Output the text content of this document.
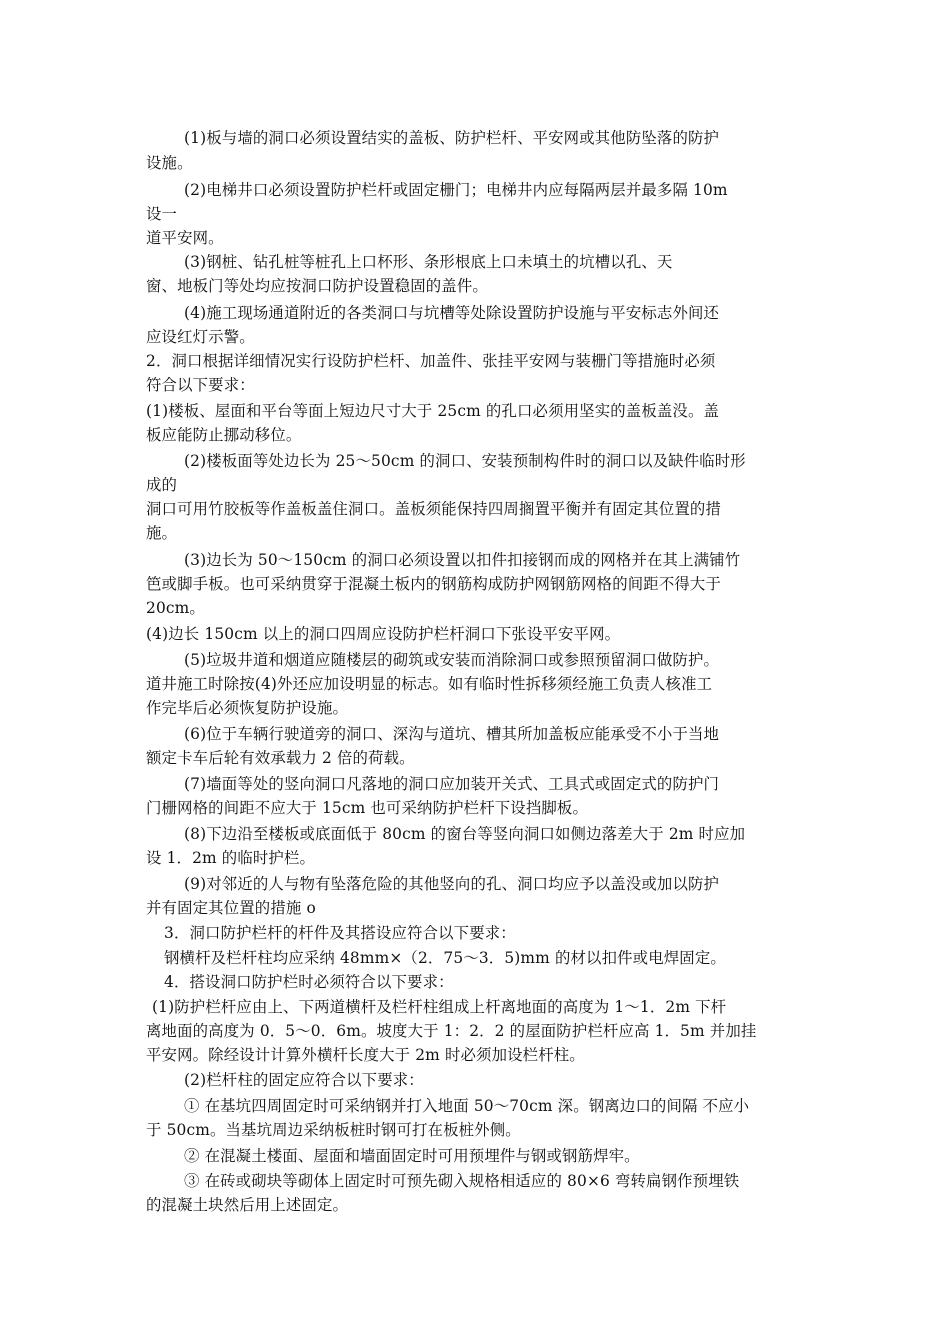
(1)板与墙的洞口必须设置结实的盖板、防护栏杆、平安网或其他防坠落的防护
设施。
(2)电梯井口必须设置防护栏杆或固定栅门；电梯井内应每隔两层并最多隔 10m
设一
道平安网。
(3)钢桩、钻孔桩等桩孔上口杯形、条形根底上口未填土的坑槽以孔、天
窗、地板门等处均应按洞口防护设置稳固的盖件。
(4)施工现场通道附近的各类洞口与坑槽等处除设置防护设施与平安标志外间还
应设红灯示警。
2．洞口根据详细情况实行设防护栏杆、加盖件、张挂平安网与装栅门等措施时必须
符合以下要求：
(1)楼板、屋面和平台等面上短边尺寸大于 25cm 的孔口必须用坚实的盖板盖没。盖
板应能防止挪动移位。
(2)楼板面等处边长为 25～50cm 的洞口、安装预制构件时的洞口以及缺件临时形
成的
洞口可用竹胶板等作盖板盖住洞口。盖板须能保持四周搁置平衡并有固定其位置的措
施。
(3)边长为 50～150cm 的洞口必须设置以扣件扣接钢而成的网格并在其上满铺竹
笆或脚手板。也可采纳贯穿于混凝土板内的钢筋构成防护网钢筋网格的间距不得大于
20cm。
(4)边长 150cm 以上的洞口四周应设防护栏杆洞口下张设平安平网。
(5)垃圾井道和烟道应随楼层的砌筑或安装而消除洞口或参照预留洞口做防护。
道井施工时除按(4)外还应加设明显的标志。如有临时性拆移须经施工负责人核准工
作完毕后必须恢复防护设施。
(6)位于车辆行驶道旁的洞口、深沟与道坑、槽其所加盖板应能承受不小于当地
额定卡车后轮有效承载力 2 倍的荷载。
(7)墙面等处的竖向洞口凡落地的洞口应加装开关式、工具式或固定式的防护门
门栅网格的间距不应大于 15cm 也可采纳防护栏杆下设挡脚板。
(8)下边沿至楼板或底面低于 80cm 的窗台等竖向洞口如侧边落差大于 2m 时应加
设 1．2m 的临时护栏。
(9)对邻近的人与物有坠落危险的其他竖向的孔、洞口均应予以盖没或加以防护
并有固定其位置的措施 o
3．洞口防护栏杆的杆件及其搭设应符合以下要求：
钢横杆及栏杆柱均应采纳 48mm×（2．75～3．5)mm 的材以扣件或电焊固定。
4．搭设洞口防护栏时必须符合以下要求：
(1)防护栏杆应由上、下两道横杆及栏杆柱组成上杆离地面的高度为 1～1．2m 下杆
离地面的高度为 0．5～0．6m。坡度大于 1：2．2 的屋面防护栏杆应高 1．5m 并加挂
平安网。除经设计计算外横杆长度大于 2m 时必须加设栏杆柱。
(2)栏杆柱的固定应符合以下要求：
① 在基坑四周固定时可采纳钢并打入地面 50～70cm 深。钢离边口的间隔 不应小
于 50cm。当基坑周边采纳板桩时钢可打在板桩外侧。
② 在混凝土楼面、屋面和墙面固定时可用预埋件与钢或钢筋焊牢。
③ 在砖或砌块等砌体上固定时可预先砌入规格相适应的 80×6 弯转扁钢作预埋铁
的混凝土块然后用上述固定。
